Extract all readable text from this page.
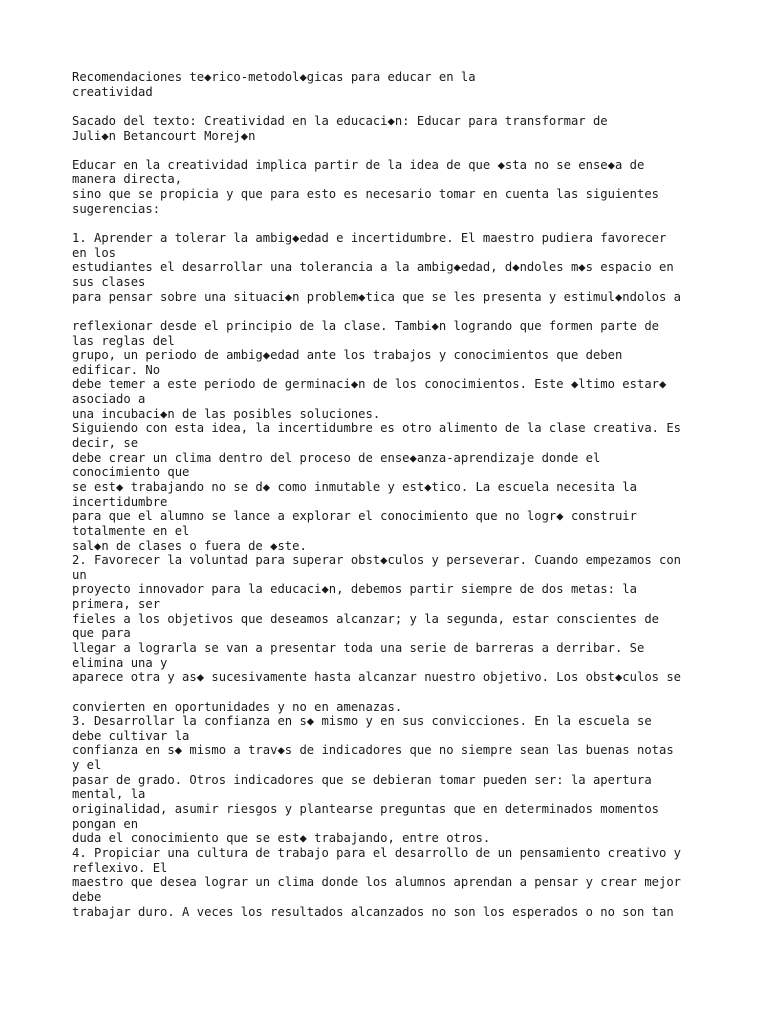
Recomendaciones te◆rico-metodol◆gicas para educar en la
creatividad
Sacado del texto: Creatividad en la educaci◆n: Educar para transformar de
Juli◆n Betancourt Morej◆n
Educar en la creatividad implica partir de la idea de que ◆sta no se ense◆a de
manera directa,
sino que se propicia y que para esto es necesario tomar en cuenta las siguientes
sugerencias:
1. Aprender a tolerar la ambig◆edad e incertidumbre. El maestro pudiera favorecer
en los
estudiantes el desarrollar una tolerancia a la ambig◆edad, d◆ndoles m◆s espacio en
sus clases
para pensar sobre una situaci◆n problem◆tica que se les presenta y estimul◆ndolos a
reflexionar desde el principio de la clase. Tambi◆n logrando que formen parte de
las reglas del
grupo, un periodo de ambig◆edad ante los trabajos y conocimientos que deben
edificar. No
debe temer a este periodo de germinaci◆n de los conocimientos. Este ◆ltimo estar◆
asociado a
una incubaci◆n de las posibles soluciones.
Siguiendo con esta idea, la incertidumbre es otro alimento de la clase creativa. Es
decir, se
debe crear un clima dentro del proceso de ense◆anza-aprendizaje donde el
conocimiento que
se est◆ trabajando no se d◆ como inmutable y est◆tico. La escuela necesita la
incertidumbre
para que el alumno se lance a explorar el conocimiento que no logr◆ construir
totalmente en el
sal◆n de clases o fuera de ◆ste.
2. Favorecer la voluntad para superar obst◆culos y perseverar. Cuando empezamos con
un
proyecto innovador para la educaci◆n, debemos partir siempre de dos metas: la
primera, ser
fieles a los objetivos que deseamos alcanzar; y la segunda, estar conscientes de
que para
llegar a lograrla se van a presentar toda una serie de barreras a derribar. Se
elimina una y
aparece otra y as◆ sucesivamente hasta alcanzar nuestro objetivo. Los obst◆culos se
convierten en oportunidades y no en amenazas.
3. Desarrollar la confianza en s◆ mismo y en sus convicciones. En la escuela se
debe cultivar la
confianza en s◆ mismo a trav◆s de indicadores que no siempre sean las buenas notas
y el
pasar de grado. Otros indicadores que se debieran tomar pueden ser: la apertura
mental, la
originalidad, asumir riesgos y plantearse preguntas que en determinados momentos
pongan en
duda el conocimiento que se est◆ trabajando, entre otros.
4. Propiciar una cultura de trabajo para el desarrollo de un pensamiento creativo y
reflexivo. El
maestro que desea lograr un clima donde los alumnos aprendan a pensar y crear mejor
debe
trabajar duro. A veces los resultados alcanzados no son los esperados o no son tan
